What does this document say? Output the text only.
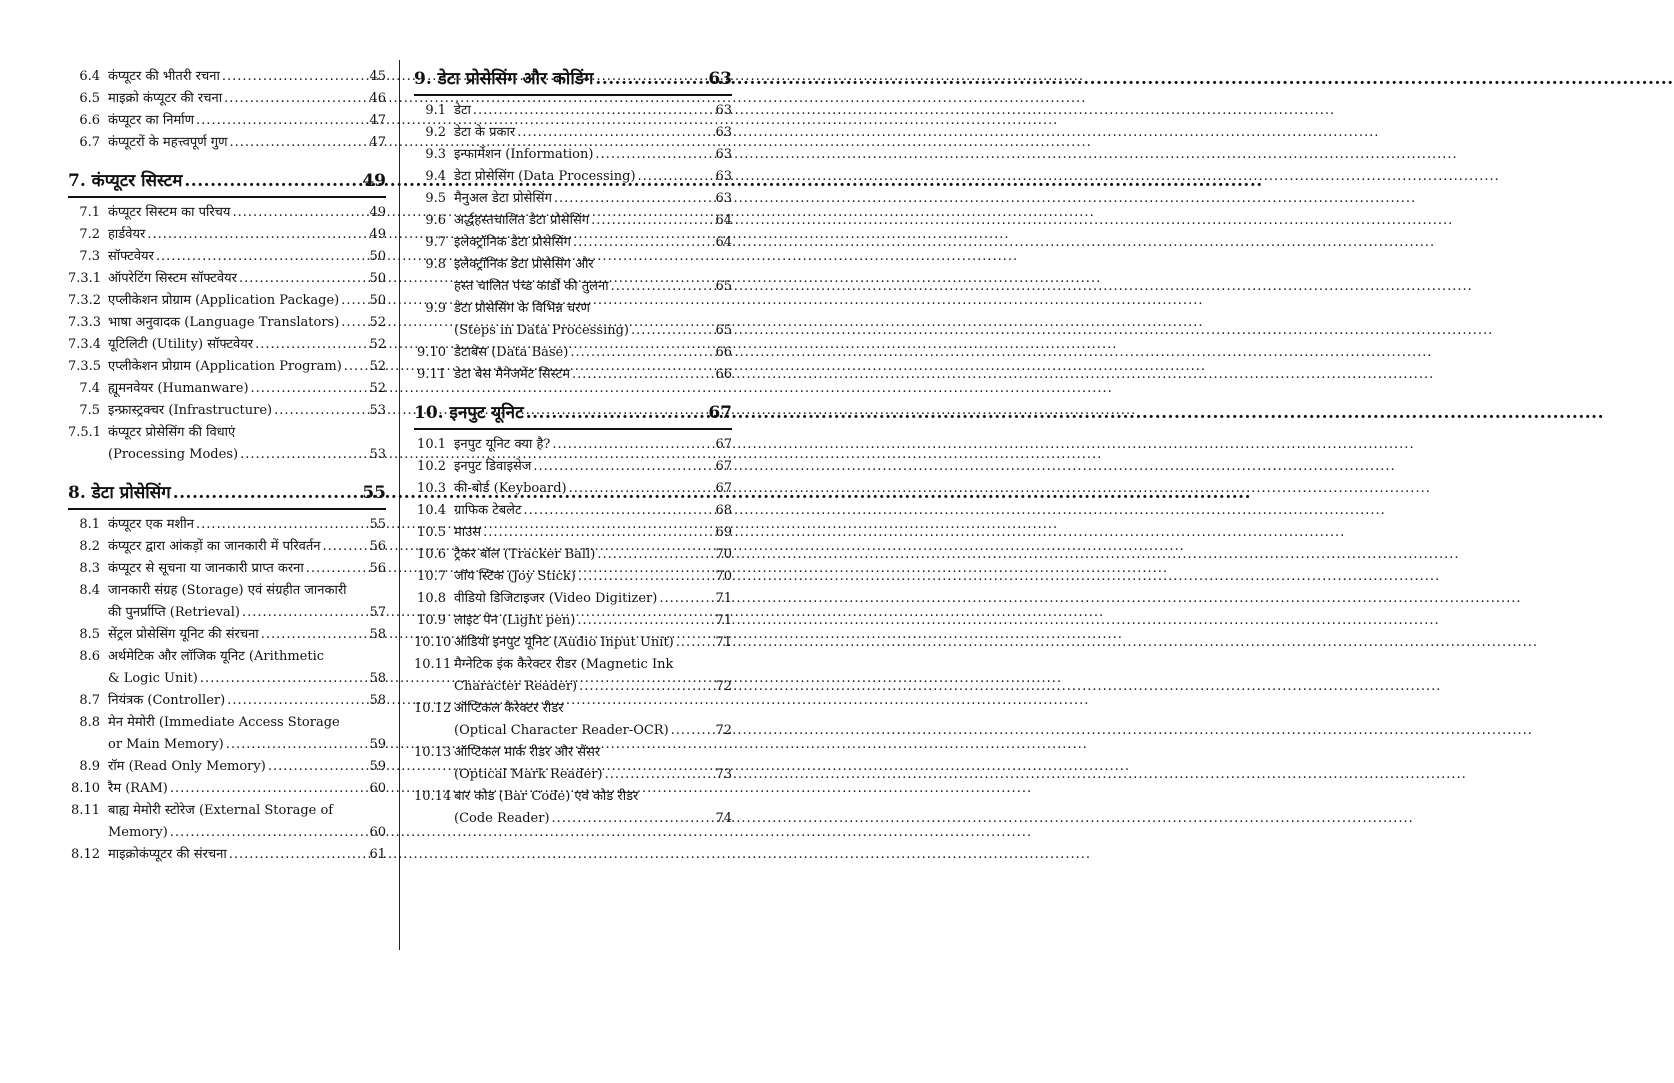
6.4 कंप्यूटर की भीतरी रचना .....	45
6.5 माइक्रो कंप्यूटर की रचना .....	46
6.6 कंप्यूटर का निर्माण .....	47
6.7 कंप्यूटरों के महत्त्वपूर्ण गुण .....	47
7. कंप्यूटर सिस्टम .....	49
7.1 कंप्यूटर सिस्टम का परिचय .....	49
7.2 हार्डवेयर .....	49
7.3 सॉफ्टवेयर .....	50
7.3.1 ऑपरेटिंग सिस्टम सॉफ्टवेयर .....	50
7.3.2 एप्लीकेशन प्रोग्राम (Application Package) ..... 50
7.3.3 भाषा अनुवादक (Language Translators) ..... 52
7.3.4 यूटिलिटी (Utility) सॉफ्टवेयर .....	52
7.3.5 एप्लीकेशन प्रोग्राम (Application Program) ..... 52
7.4 ह्यूमनवेयर (Humanware) .....	52
7.5 इन्फ्रास्ट्रक्चर (Infrastructure) .....	53
7.5.1 कंप्यूटर प्रोसेसिंग की विधाएं
(Processing Modes) .....	53
8. डेटा प्रोसेसिंग .....	55
8.1 कंप्यूटर एक मशीन .....	55
8.2 कंप्यूटर द्वारा आंकड़ों का जानकारी में परिवर्तन .....	56
8.3 कंप्यूटर से सूचना या जानकारी प्राप्त करना .....	56
8.4 जानकारी संग्रह (Storage) एवं संग्रहीत जानकारी
की पुनर्प्राप्ति (Retrieval) .....	57
8.5 सेंट्रल प्रोसेसिंग यूनिट की संरचना .....	58
8.6 अर्थमेटिक और लॉजिक यूनिट (Arithmetic
& Logic Unit) .....	58
8.7 नियंत्रक (Controller) .....	58
8.8 मेन मेमोरी (Immediate Access Storage
or Main Memory) .....	59
8.9 रॉम (Read Only Memory) .....	59
8.10 रैम (RAM) .....	60
8.11 बाह्य मेमोरी स्टोरेज (External Storage of
Memory) .....	60
8.12 माइक्रोकंप्यूटर की संरचना .....	61
9. डेटा प्रोसेसिंग और कोडिंग .....	63
9.1 डेटा .....	63
9.2 डेटा के प्रकार .....	63
9.3 इन्फार्मेशन (Information) .....	63
9.4 डेटा प्रोसेसिंग (Data Processing) .....	63
9.5 मैनुअल डेटा प्रोसेसिंग .....	63
9.6 अर्द्धहस्तचालित डेटा प्रोसेसिंग .....	64
9.7 इलेक्ट्रॉनिक डेटा प्रोसेसिंग .....	64
9.8 इलेक्ट्रॉनिक डेटा प्रोसेसिंग और
हस्त चालित पंच्ड कार्डो की तुलना .....	65
9.9 डेटा प्रोसेसिंग के विभिन्न चरण
(Steps in Data Processing) .....	65
9.10 डेटाबेस (Data Base) .....	66
9.11 डेटा बेस मैनेजमेंट सिस्टम .....	66
10. इनपुट यूनिट .....	67
10.1 इनपुट यूनिट क्या है? .....	67
10.2 इनपुट डिवाइसेज .....	67
10.3 की-बोर्ड (Keyboard) .....	67
10.4 ग्राफिक टेबलेट .....	68
10.5 माउस .....	69
10.6 ट्रैकर बॉल (Tracker Ball) .....	70
10.7 जॉय स्टिक (Joy Stick) .....	70
10.8 वीडियो डिजिटाइजर (Video Digitizer) .....	71
10.9 लाइट पेन (Light pen) .....	71
10.10 ऑडियो इनपुट यूनिट (Audio Input Unit) .....	71
10.11 मैग्नेटिक इंक कैरेक्टर रीडर (Magnetic Ink
Character Reader) .....	72
10.12 ऑप्टिकल कैरेक्टर रीडर
(Optical Character Reader-OCR) .....	72
10.13 ऑप्टिकल मार्क रीडर और सेंसर
(Optical Mark Reader) .....	73
10.14 बार कोड (Bar Code) एवं कोड रीडर
(Code Reader) .....	74
